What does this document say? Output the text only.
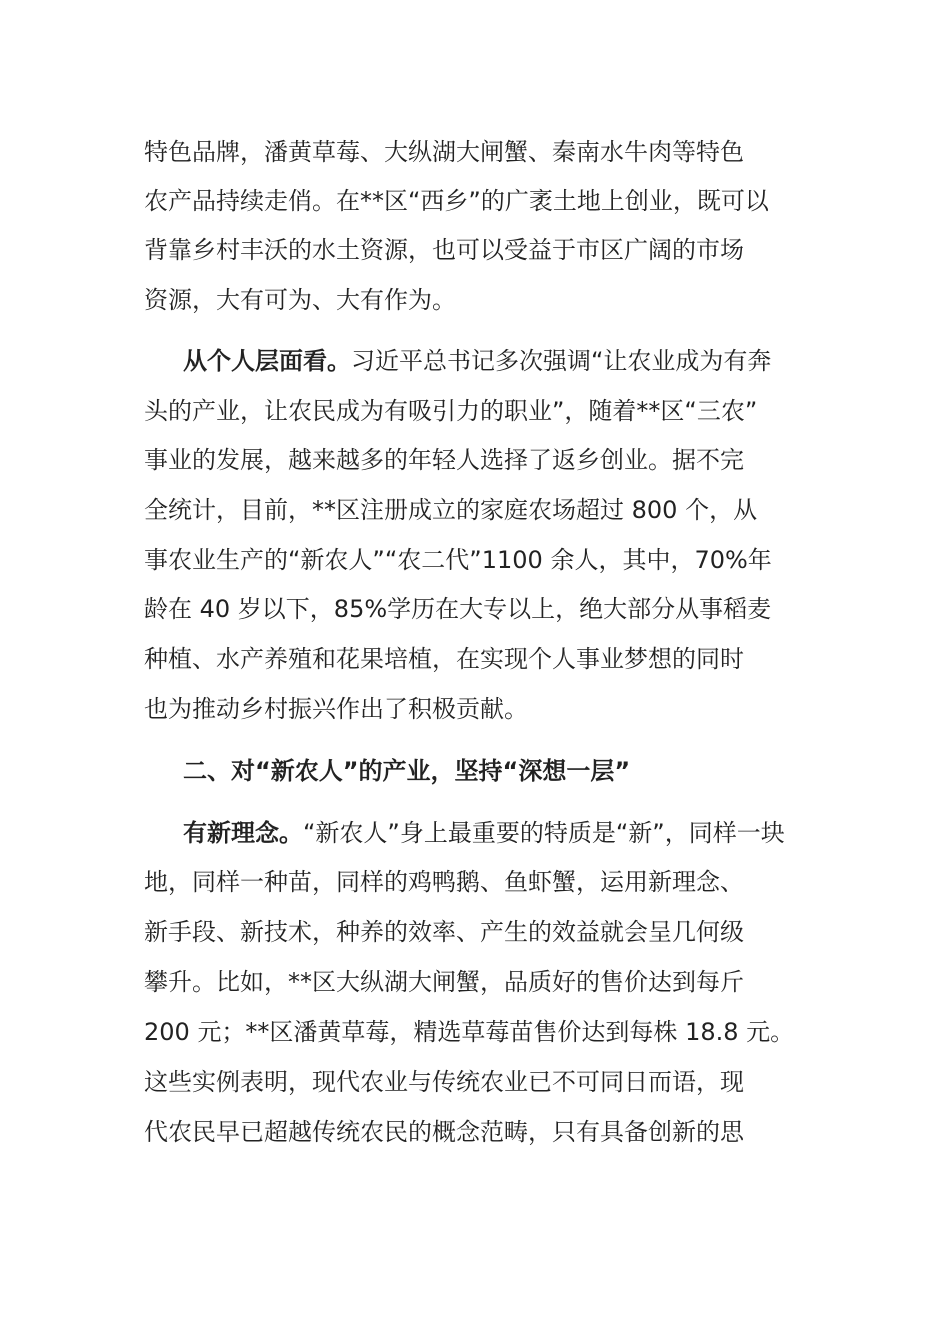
特色品牌，潘黄草莓、大纵湖大闸蟹、秦南水牛肉等特色
农产品持续走俏。在**区“西乡”的广袤土地上创业，既可以
背靠乡村丰沃的水土资源，也可以受益于市区广阔的市场
资源，大有可为、大有作为。
从个人层面看。习近平总书记多次强调“让农业成为有奔
头的产业，让农民成为有吸引力的职业”，随着**区“三农”
事业的发展，越来越多的年轻人选择了返乡创业。据不完
全统计，目前，**区注册成立的家庭农场超过 800 个，从
事农业生产的“新农人”“农二代”1100 余人，其中，70%年
龄在 40 岁以下，85%学历在大专以上，绝大部分从事稻麦
种植、水产养殖和花果培植，在实现个人事业梦想的同时
也为推动乡村振兴作出了积极贡献。
二、对“新农人”的产业，坚持“深想一层”
有新理念。“新农人”身上最重要的特质是“新”，同样一块
地，同样一种苗，同样的鸡鸭鹅、鱼虾蟹，运用新理念、
新手段、新技术，种养的效率、产生的效益就会呈几何级
攀升。比如，**区大纵湖大闸蟹，品质好的售价达到每斤
200 元；**区潘黄草莓，精选草莓苗售价达到每株 18.8 元。
这些实例表明，现代农业与传统农业已不可同日而语，现
代农民早已超越传统农民的概念范畴，只有具备创新的思
